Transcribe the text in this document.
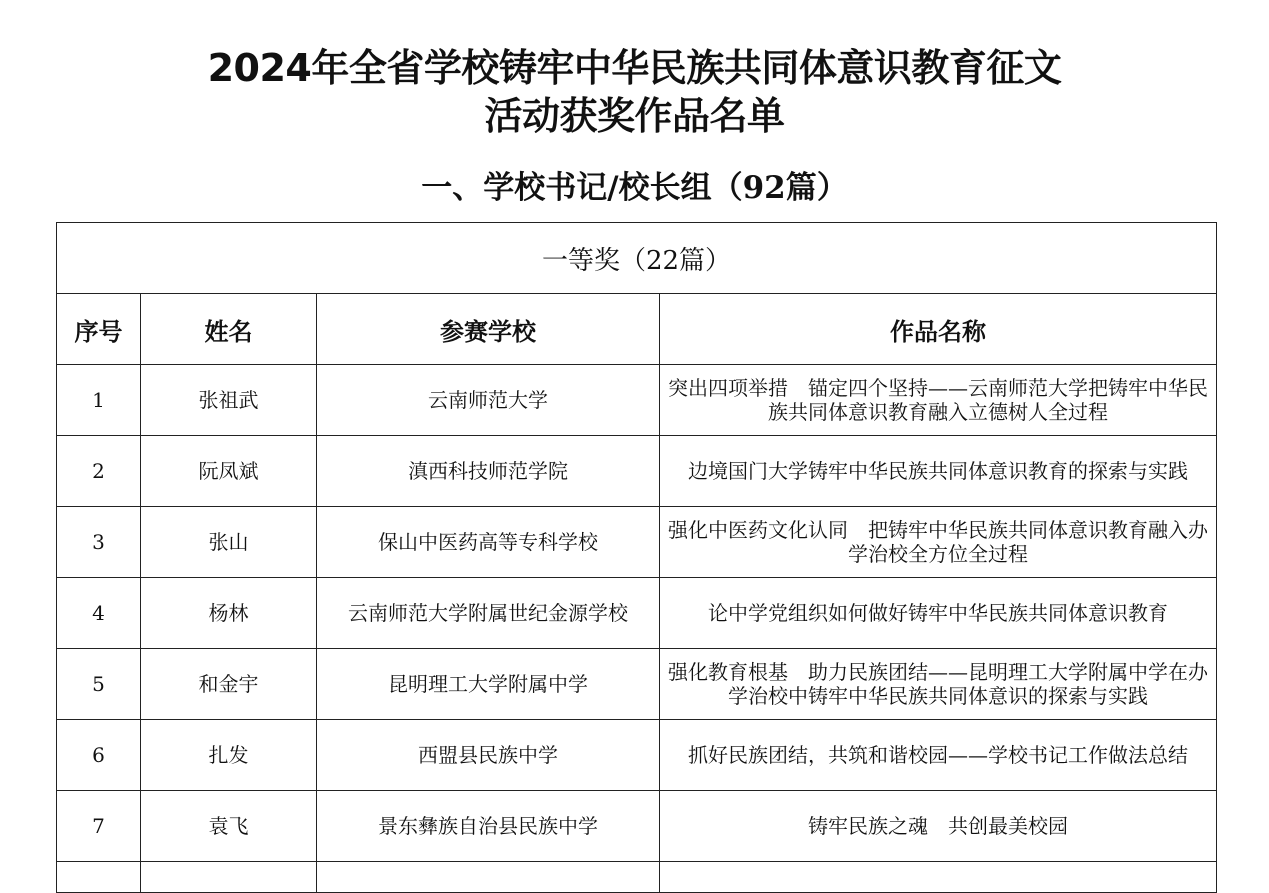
2024年全省学校铸牢中华民族共同体意识教育征文
活动获奖作品名单
一、学校书记/校长组（92篇）
一等奖（22篇）			
序号	姓名	参赛学校	作品名称
1	张祖武	云南师范大学	突出四项举措　锚定四个坚持——云南师范大学把铸牢中华民族共同体意识教育融入立德树人全过程
2	阮凤斌	滇西科技师范学院	边境国门大学铸牢中华民族共同体意识教育的探索与实践
3	张山	保山中医药高等专科学校	强化中医药文化认同　把铸牢中华民族共同体意识教育融入办学治校全方位全过程
4	杨林	云南师范大学附属世纪金源学校	论中学党组织如何做好铸牢中华民族共同体意识教育
5	和金宇	昆明理工大学附属中学	强化教育根基　助力民族团结——昆明理工大学附属中学在办学治校中铸牢中华民族共同体意识的探索与实践
6	扎发	西盟县民族中学	抓好民族团结，共筑和谐校园——学校书记工作做法总结
7	袁飞	景东彝族自治县民族中学	铸牢民族之魂　共创最美校园
